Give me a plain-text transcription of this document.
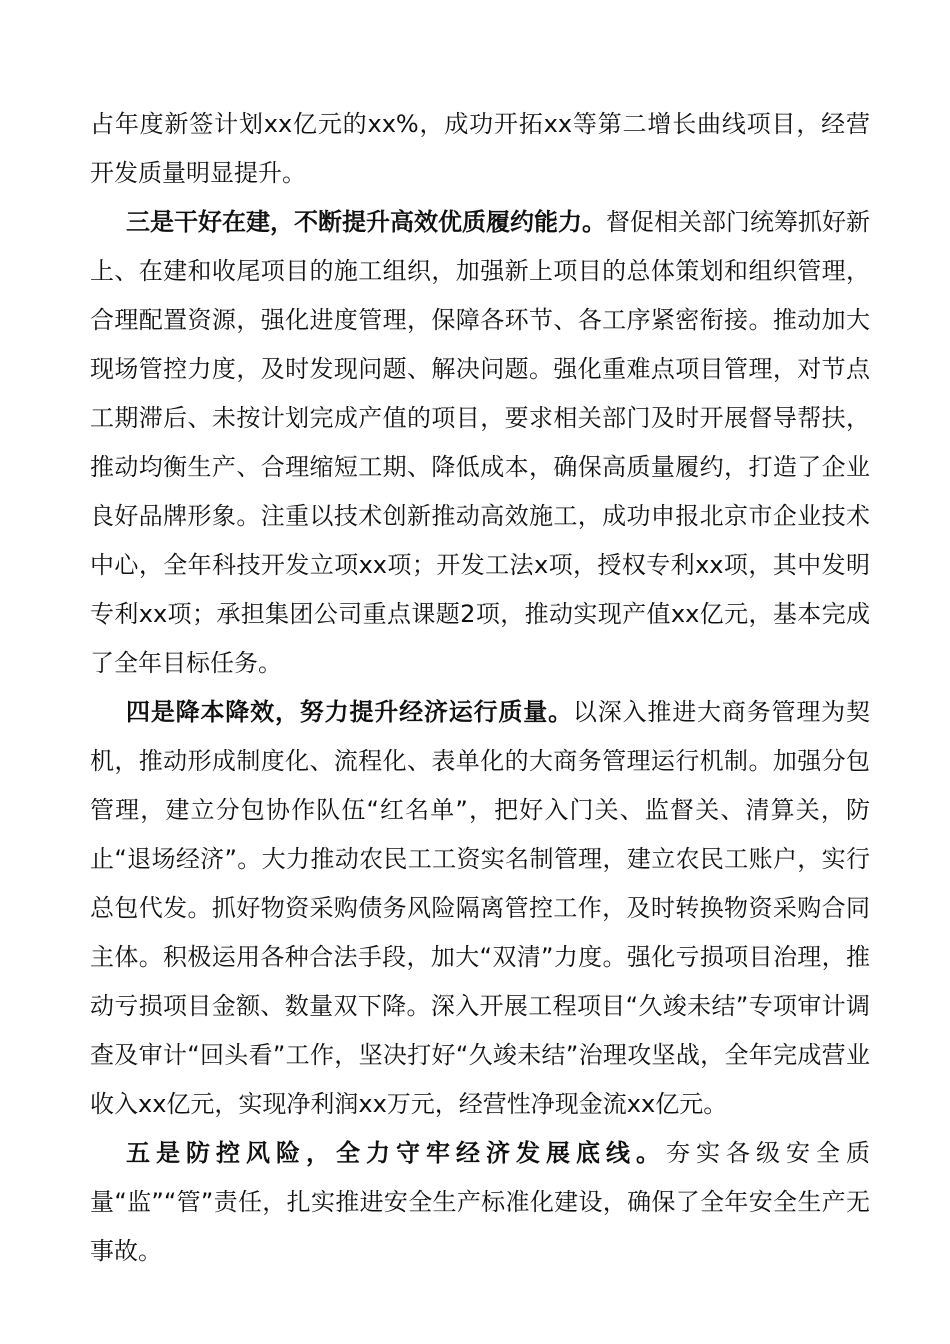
占年度新签计划xx亿元的xx%，成功开拓xx等第二增长曲线项目，经营开发质量明显提升。

三是干好在建，不断提升高效优质履约能力。督促相关部门统筹抓好新上、在建和收尾项目的施工组织，加强新上项目的总体策划和组织管理，合理配置资源，强化进度管理，保障各环节、各工序紧密衔接。推动加大现场管控力度，及时发现问题、解决问题。强化重难点项目管理，对节点工期滞后、未按计划完成产值的项目，要求相关部门及时开展督导帮扶，推动均衡生产、合理缩短工期、降低成本，确保高质量履约，打造了企业良好品牌形象。注重以技术创新推动高效施工，成功申报北京市企业技术中心，全年科技开发立项xx项；开发工法x项，授权专利xx项，其中发明专利xx项；承担集团公司重点课题2项，推动实现产值xx亿元，基本完成了全年目标任务。

四是降本降效，努力提升经济运行质量。以深入推进大商务管理为契机，推动形成制度化、流程化、表单化的大商务管理运行机制。加强分包管理，建立分包协作队伍“红名单”，把好入门关、监督关、清算关，防止“退场经济”。大力推动农民工工资实名制管理，建立农民工账户，实行总包代发。抓好物资采购债务风险隔离管控工作，及时转换物资采购合同主体。积极运用各种合法手段，加大“双清”力度。强化亏损项目治理，推动亏损项目金额、数量双下降。深入开展工程项目“久竣未结”专项审计调查及审计“回头看”工作，坚决打好“久竣未结”治理攻坚战，全年完成营业收入xx亿元，实现净利润xx万元，经营性净现金流xx亿元。

五是防控风险，全力守牢经济发展底线。夯实各级安全质量“监”“管”责任，扎实推进安全生产标准化建设，确保了全年安全生产无事故。
